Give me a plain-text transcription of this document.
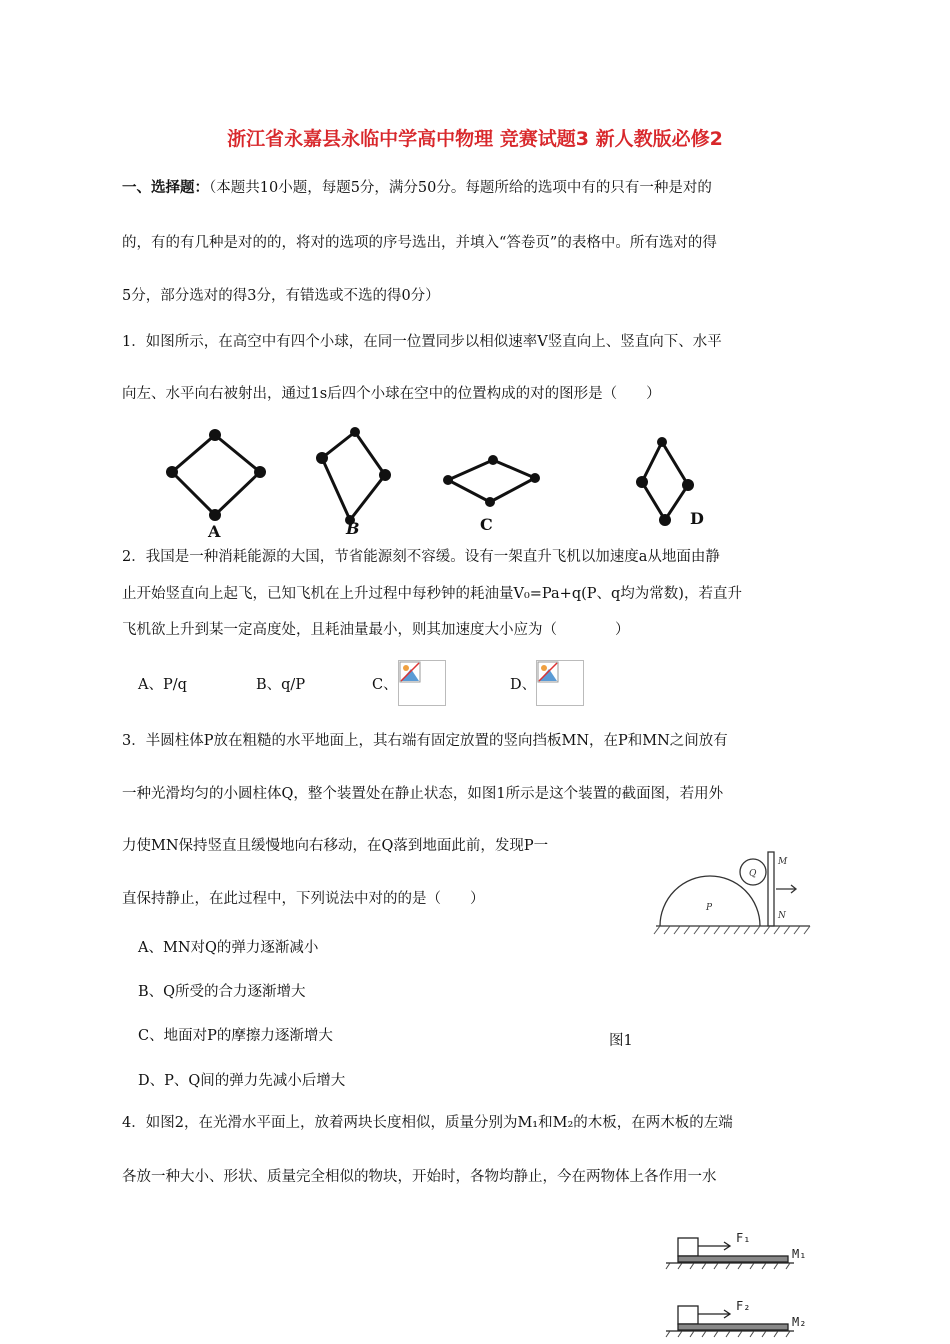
浙江省永嘉县永临中学高中物理 竞赛试题3 新人教版必修2
一、选择题：（本题共10小题，每题5分，满分50分。每题所给的选项中有的只有一种是对的
的，有的有几种是对的的，将对的选项的序号选出，并填入“答卷页”的表格中。所有选对的得
5分，部分选对的得3分，有错选或不选的得0分）
1．如图所示，在高空中有四个小球，在同一位置同步以相似速率V竖直向上、竖直向下、水平
向左、水平向右被射出，通过1s后四个小球在空中的位置构成的对的图形是（　　）
A	B	C	D
2．我国是一种消耗能源的大国，节省能源刻不容缓。设有一架直升飞机以加速度a从地面由静
止开始竖直向上起飞，已知飞机在上升过程中每秒钟的耗油量V₀=Pa+q(P、q均为常数)，若直升
飞机欲上升到某一定高度处，且耗油量最小，则其加速度大小应为（　　　　）
A、P/q	B、q/P	C、	D、
3．半圆柱体P放在粗糙的水平地面上，其右端有固定放置的竖向挡板MN，在P和MN之间放有
一种光滑均匀的小圆柱体Q，整个装置处在静止状态，如图1所示是这个装置的截面图，若用外
力使MN保持竖直且缓慢地向右移动，在Q落到地面此前，发现P一
直保持静止，在此过程中，下列说法中对的的是（　　）
A、MN对Q的弹力逐渐减小
B、Q所受的合力逐渐增大
C、地面对P的摩擦力逐渐增大
D、P、Q间的弹力先减小后增大
P
Q
M
N
图1
4．如图2，在光滑水平面上，放着两块长度相似，质量分别为M₁和M₂的木板，在两木板的左端
各放一种大小、形状、质量完全相似的物块，开始时，各物均静止，今在两物体上各作用一水
F₁
M₁
F₂
M₂
